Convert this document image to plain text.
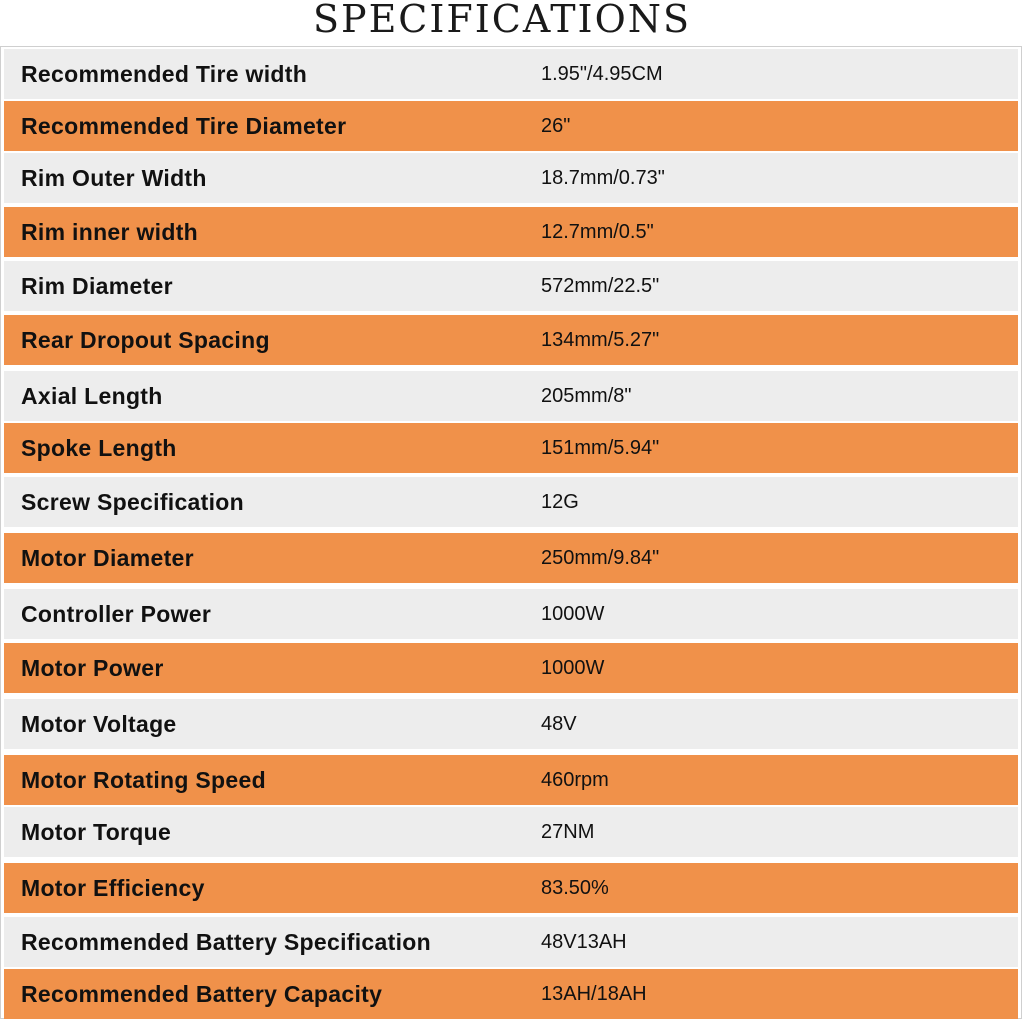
SPECIFICATIONS
Recommended Tire width	1.95"/4.95CM
Recommended Tire Diameter	26"
Rim Outer Width	18.7mm/0.73"
Rim inner width	12.7mm/0.5"
Rim Diameter	572mm/22.5"
Rear Dropout Spacing	134mm/5.27"
Axial Length	205mm/8"
Spoke Length	151mm/5.94"
Screw Specification	12G
Motor Diameter	250mm/9.84"
Controller Power	1000W
Motor Power	1000W
Motor Voltage	48V
Motor Rotating Speed	460rpm
Motor Torque	27NM
Motor Efficiency	83.50%
Recommended Battery Specification	48V13AH
Recommended Battery Capacity	13AH/18AH
